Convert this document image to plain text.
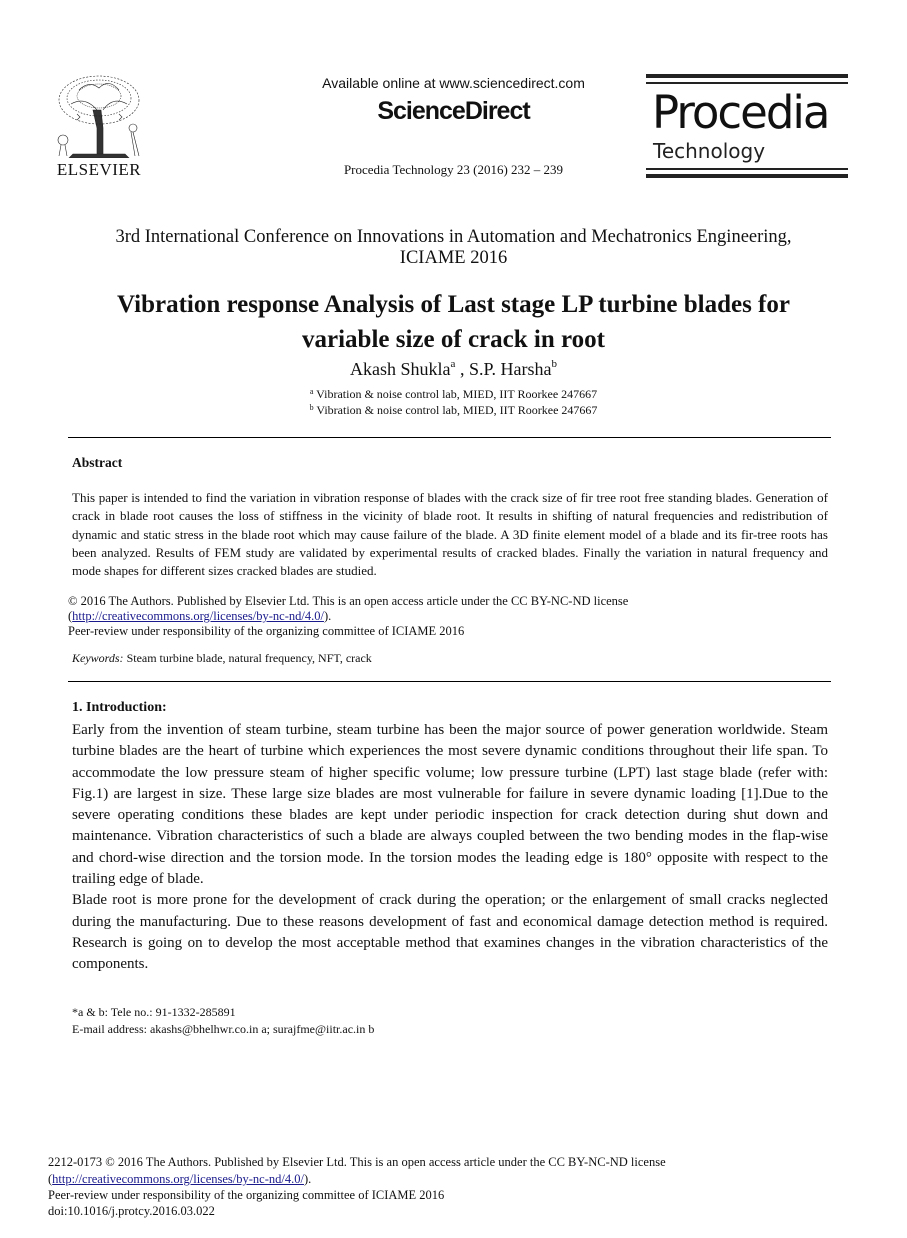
ELSEVIER
Available online at www.sciencedirect.com
ScienceDirect
Procedia Technology 23 (2016) 232 – 239
Procedia
Technology
3rd International Conference on Innovations in Automation and Mechatronics Engineering,
ICIAME 2016
Vibration response Analysis of Last stage LP turbine blades for
variable size of crack in root
Akash Shukla$^a$ , S.P. Harsha$^b$
$^a$ Vibration & noise control lab, MIED, IIT Roorkee 247667
$^b$ Vibration & noise control lab, MIED, IIT Roorkee 247667
Abstract
This paper is intended to find the variation in vibration response of blades with the crack size of fir tree root free standing blades. Generation of crack in blade root causes the loss of stiffness in the vicinity of blade root. It results in shifting of natural frequencies and redistribution of dynamic and static stress in the blade root which may cause failure of the blade. A 3D finite element model of a blade and its fir-tree roots has been analyzed. Results of FEM study are validated by experimental results of cracked blades. Finally the variation in natural frequency and mode shapes for different sizes cracked blades are studied.
© 2016 The Authors. Published by Elsevier Ltd. This is an open access article under the CC BY-NC-ND license
(http://creativecommons.org/licenses/by-nc-nd/4.0/).
Peer-review under responsibility of the organizing committee of ICIAME 2016
Keywords: Steam turbine blade, natural frequency, NFT, crack
1. Introduction:

Early from the invention of steam turbine, steam turbine has been the major source of power generation worldwide. Steam turbine blades are the heart of turbine which experiences the most severe dynamic conditions throughout their life span. To accommodate the low pressure steam of higher specific volume; low pressure turbine (LPT) last stage blade (refer with: Fig.1) are largest in size. These large size blades are most vulnerable for failure in severe dynamic loading [1].Due to the severe operating conditions these blades are kept under periodic inspection for crack detection during shut down and maintenance. Vibration characteristics of such a blade are always coupled between the two bending modes in the flap-wise and chord-wise direction and the torsion mode. In the torsion modes the leading edge is 180° opposite with respect to the trailing edge of blade.

Blade root is more prone for the development of crack during the operation; or the enlargement of small cracks neglected during the manufacturing. Due to these reasons development of fast and economical damage detection method is required. Research is going on to develop the most acceptable method that examines changes in the vibration characteristics of the components.

*a & b: Tele no.: 91-1332-285891
E-mail address: akashs@bhelhwr.co.in a; surajfme@iitr.ac.in b
2212-0173 © 2016 The Authors. Published by Elsevier Ltd. This is an open access article under the CC BY-NC-ND license
(http://creativecommons.org/licenses/by-nc-nd/4.0/).
Peer-review under responsibility of the organizing committee of ICIAME 2016
doi:10.1016/j.protcy.2016.03.022
